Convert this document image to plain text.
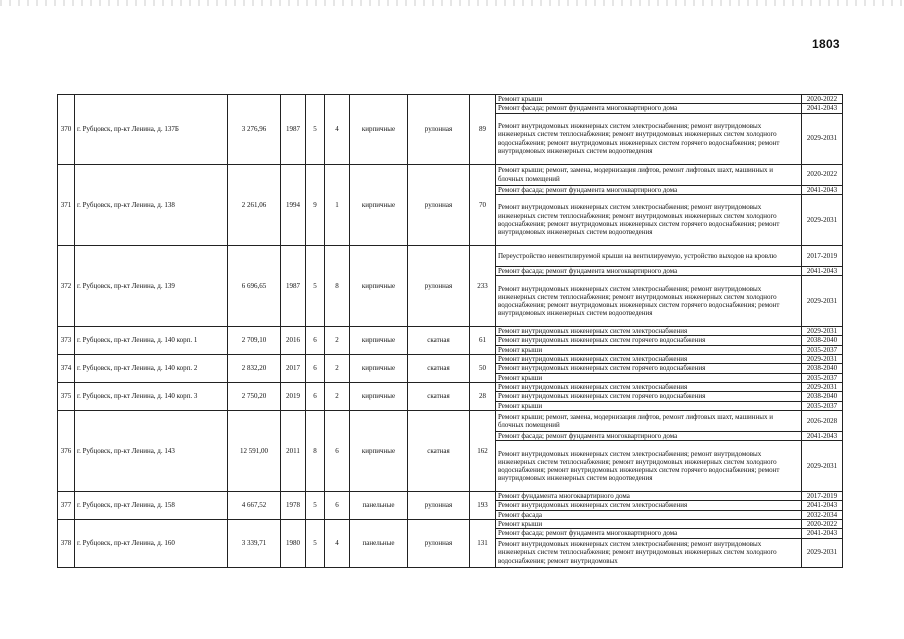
1803
370	г. Рубцовск, пр-кт Ленина, д. 137Б	3 276,96	1987	5	4	кирпичные	рулонная	89	Ремонт крыши	2020-2022
									Ремонт фасада; ремонт фундамента многоквартирного дома	2041-2043
									Ремонт внутридомовых инженерных систем электроснабжения; ремонт внутридомовых инженерных систем теплоснабжения; ремонт внутридомовых инженерных систем холодного водоснабжения; ремонт внутридомовых инженерных систем горячего водоснабжения; ремонт внутридомовых инженерных систем водоотведения	2029-2031
371	г. Рубцовск, пр-кт Ленина, д. 138	2 261,06	1994	9	1	кирпичные	рулонная	70	Ремонт крыши; ремонт, замена, модернизация лифтов, ремонт лифтовых шахт, машинных и блочных помещений	2020-2022
									Ремонт фасада; ремонт фундамента многоквартирного дома	2041-2043
									Ремонт внутридомовых инженерных систем электроснабжения; ремонт внутридомовых инженерных систем теплоснабжения; ремонт внутридомовых инженерных систем холодного водоснабжения; ремонт внутридомовых инженерных систем горячего водоснабжения; ремонт внутридомовых инженерных систем водоотведения	2029-2031
372	г. Рубцовск, пр-кт Ленина, д. 139	6 696,65	1987	5	8	кирпичные	рулонная	233	Переустройство невентилируемой крыши на вентилируемую, устройство выходов на кровлю	2017-2019
									Ремонт фасада; ремонт фундамента многоквартирного дома	2041-2043
									Ремонт внутридомовых инженерных систем электроснабжения; ремонт внутридомовых инженерных систем теплоснабжения; ремонт внутридомовых инженерных систем холодного водоснабжения; ремонт внутридомовых инженерных систем горячего водоснабжения; ремонт внутридомовых инженерных систем водоотведения	2029-2031
373	г. Рубцовск, пр-кт Ленина, д. 140 корп. 1	2 709,10	2016	6	2	кирпичные	скатная	61	Ремонт внутридомовых инженерных систем электроснабжения	2029-2031
									Ремонт внутридомовых инженерных систем горячего водоснабжения	2038-2040
									Ремонт крыши	2035-2037
374	г. Рубцовск, пр-кт Ленина, д. 140 корп. 2	2 832,20	2017	6	2	кирпичные	скатная	50	Ремонт внутридомовых инженерных систем электроснабжения	2029-2031
									Ремонт внутридомовых инженерных систем горячего водоснабжения	2038-2040
									Ремонт крыши	2035-2037
375	г. Рубцовск, пр-кт Ленина, д. 140 корп. 3	2 750,20	2019	6	2	кирпичные	скатная	28	Ремонт внутридомовых инженерных систем электроснабжения	2029-2031
									Ремонт внутридомовых инженерных систем горячего водоснабжения	2038-2040
									Ремонт крыши	2035-2037
376	г. Рубцовск, пр-кт Ленина, д. 143	12 591,00	2011	8	6	кирпичные	скатная	162	Ремонт крыши; ремонт, замена, модернизация лифтов, ремонт лифтовых шахт, машинных и блочных помещений	2026-2028
									Ремонт фасада; ремонт фундамента многоквартирного дома	2041-2043
									Ремонт внутридомовых инженерных систем электроснабжения; ремонт внутридомовых инженерных систем теплоснабжения; ремонт внутридомовых инженерных систем холодного водоснабжения; ремонт внутридомовых инженерных систем горячего водоснабжения; ремонт внутридомовых инженерных систем водоотведения	2029-2031
377	г. Рубцовск, пр-кт Ленина, д. 158	4 667,52	1978	5	6	панельные	рулонная	193	Ремонт фундамента многоквартирного дома	2017-2019
									Ремонт внутридомовых инженерных систем электроснабжения	2041-2043
									Ремонт фасада	2032-2034
378	г. Рубцовск, пр-кт Ленина, д. 160	3 339,71	1980	5	4	панельные	рулонная	131	Ремонт крыши	2020-2022
									Ремонт фасада; ремонт фундамента многоквартирного дома	2041-2043
									Ремонт внутридомовых инженерных систем электроснабжения; ремонт внутридомовых инженерных систем теплоснабжения; ремонт внутридомовых инженерных систем холодного водоснабжения; ремонт внутридомовых	2029-2031
